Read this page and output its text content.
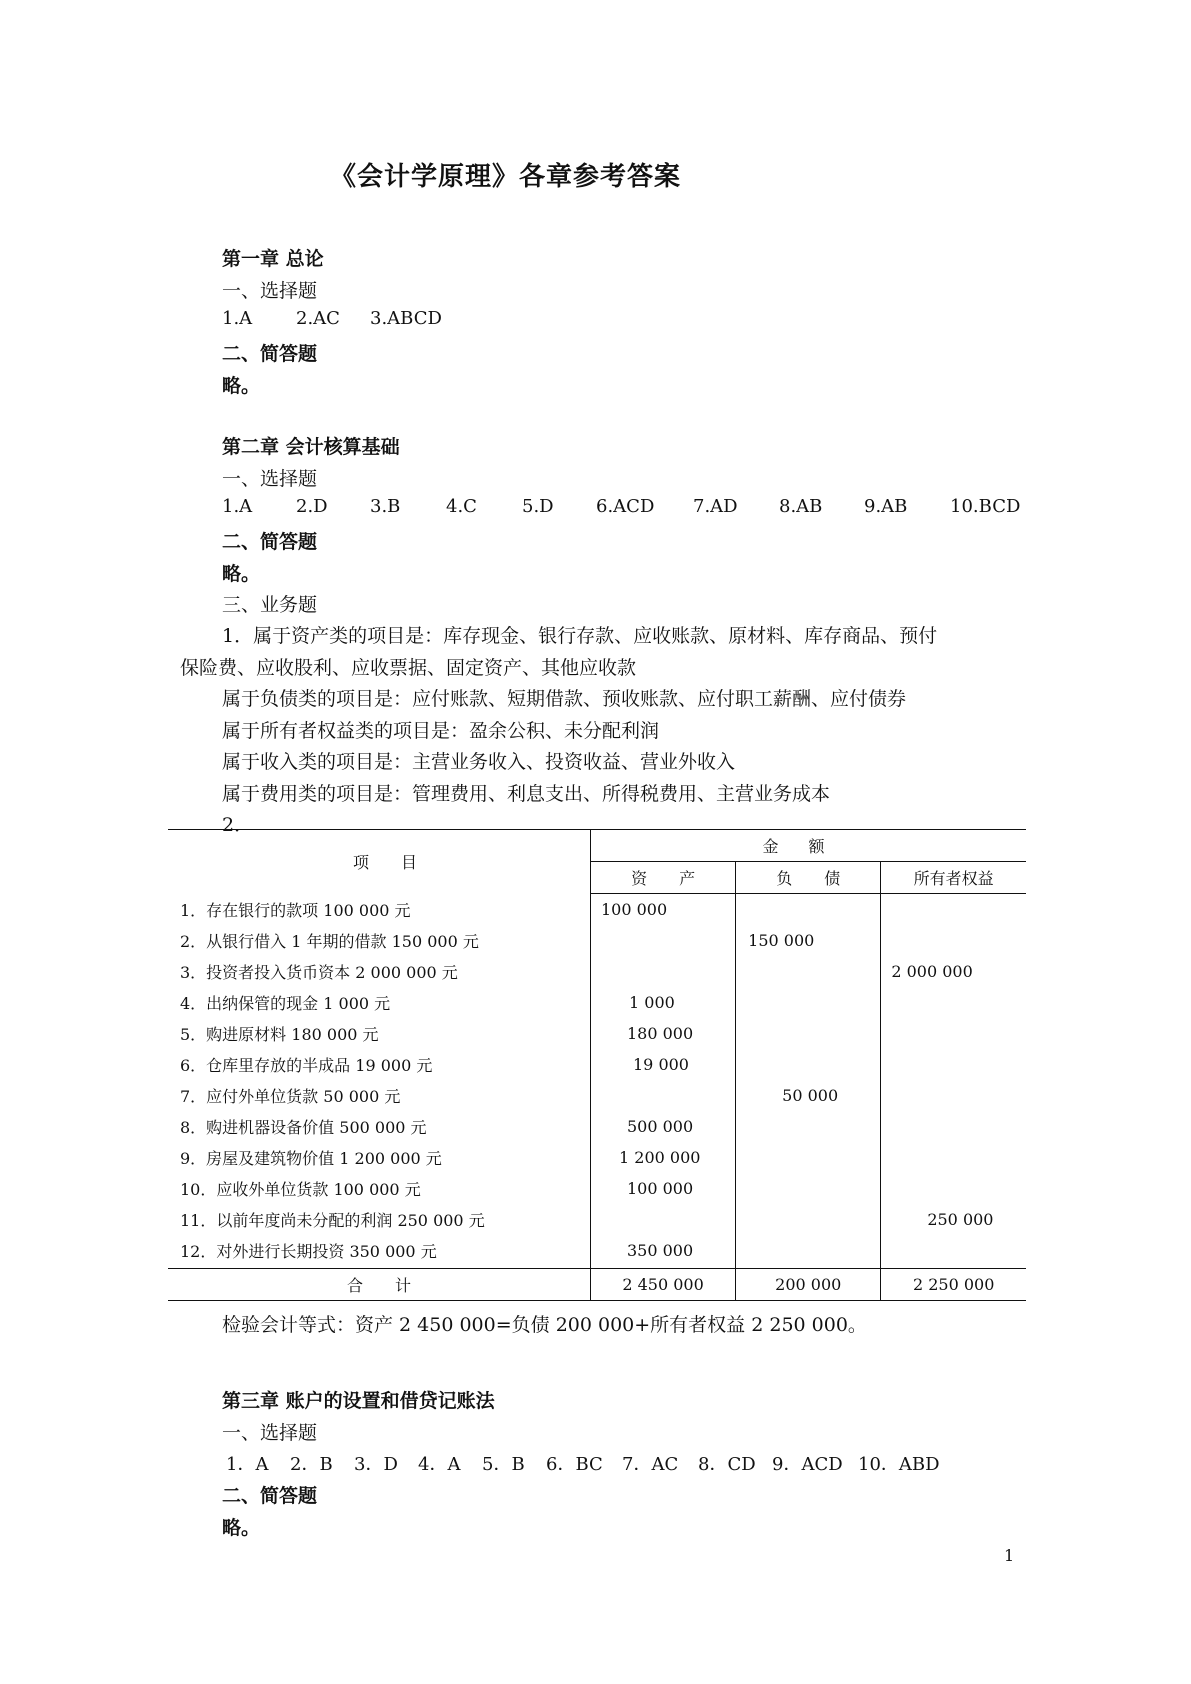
《会计学原理》各章参考答案
第一章 总论
一、选择题
1.A 2.AC 3.ABCD
二、简答题
略。
第二章 会计核算基础
一、选择题
1.A 2.D 3.B	4.C	5.D 6.ACD 7.AD 8.AB 9.AB 10.BCD
二、简答题
略。
三、业务题
1．属于资产类的项目是：库存现金、银行存款、应收账款、原材料、库存商品、预付
保险费、应收股利、应收票据、固定资产、其他应收款
属于负债类的项目是：应付账款、短期借款、预收账款、应付职工薪酬、应付债券
属于所有者权益类的项目是：盈余公积、未分配利润
属于收入类的项目是：主营业务收入、投资收益、营业外收入
属于费用类的项目是：管理费用、利息支出、所得税费用、主营业务成本
2．
项　　目	金额		
	资　　产	负　　债	所有者权益
1．存在银行的款项 100 000 元	100 000		
2．从银行借入 1 年期的借款 150 000 元		150 000	
3．投资者投入货币资本 2 000 000 元			2 000 000
4．出纳保管的现金 1 000 元	1 000		
5．购进原材料 180 000 元	180 000		
6．仓库里存放的半成品 19 000 元	19 000		
7．应付外单位货款 50 000 元		50 000	
8．购进机器设备价值 500 000 元	500 000		
9．房屋及建筑物价值 1 200 000 元	1 200 000		
10．应收外单位货款 100 000 元	100 000		
11．以前年度尚未分配的利润 250 000 元			250 000
12．对外进行长期投资 350 000 元	350 000		
合　　计	2 450 000	200 000	2 250 000
检验会计等式：资产 2 450 000=负债 200 000+所有者权益 2 250 000。
第三章 账户的设置和借贷记账法
一、选择题
1．A 2．B 3．D 4．A 5．B 6．BC 7．AC 8．CD 9．ACD 10．ABD
二、简答题
略。
1
